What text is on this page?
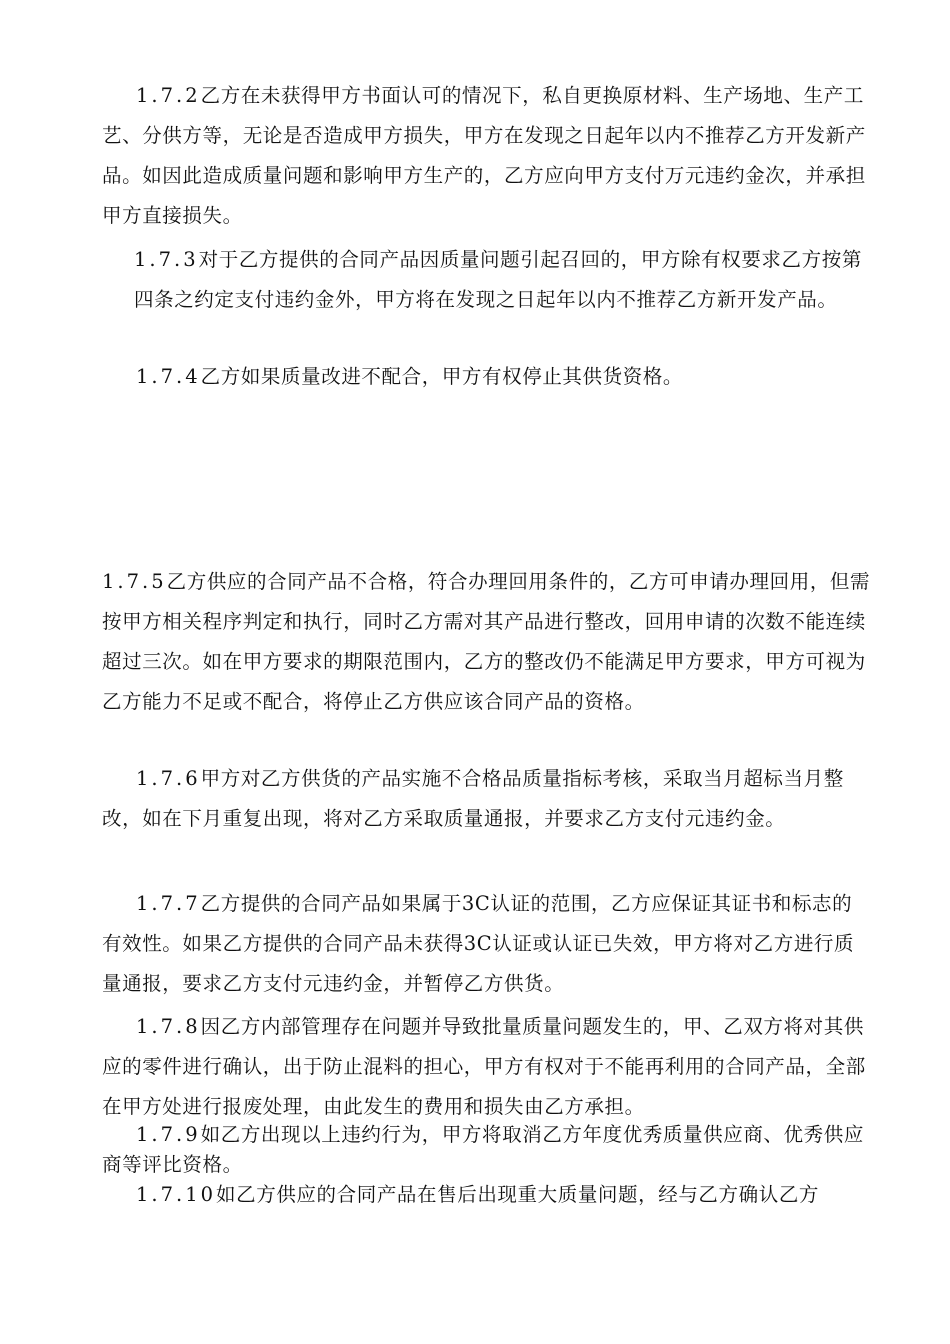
1.7.2乙方在未获得甲方书面认可的情况下，私自更换原材料、生产场地、生产工艺、分供方等，无论是否造成甲方损失，甲方在发现之日起年以内不推荐乙方开发新产品。如因此造成质量问题和影响甲方生产的，乙方应向甲方支付万元违约金次，并承担甲方直接损失。

1.7.3对于乙方提供的合同产品因质量问题引起召回的，甲方除有权要求乙方按第四条之约定支付违约金外，甲方将在发现之日起年以内不推荐乙方新开发产品。

1.7.4乙方如果质量改进不配合，甲方有权停止其供货资格。

1.7.5乙方供应的合同产品不合格，符合办理回用条件的，乙方可申请办理回用，但需按甲方相关程序判定和执行，同时乙方需对其产品进行整改，回用申请的次数不能连续超过三次。如在甲方要求的期限范围内，乙方的整改仍不能满足甲方要求，甲方可视为乙方能力不足或不配合，将停止乙方供应该合同产品的资格。

1.7.6甲方对乙方供货的产品实施不合格品质量指标考核，采取当月超标当月整改，如在下月重复出现，将对乙方采取质量通报，并要求乙方支付元违约金。

1.7.7乙方提供的合同产品如果属于3C认证的范围，乙方应保证其证书和标志的有效性。如果乙方提供的合同产品未获得3C认证或认证已失效，甲方将对乙方进行质量通报，要求乙方支付元违约金，并暂停乙方供货。

1.7.8因乙方内部管理存在问题并导致批量质量问题发生的，甲、乙双方将对其供应的零件进行确认，出于防止混料的担心，甲方有权对于不能再利用的合同产品，全部在甲方处进行报废处理，由此发生的费用和损失由乙方承担。

1.7.9如乙方出现以上违约行为，甲方将取消乙方年度优秀质量供应商、优秀供应商等评比资格。

1.7.10如乙方供应的合同产品在售后出现重大质量问题，经与乙方确认乙方
